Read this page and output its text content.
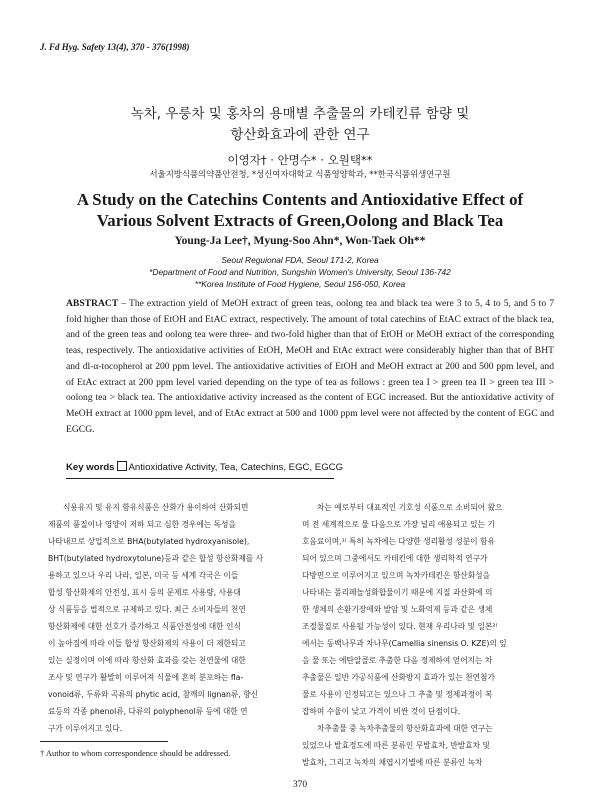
J. Fd Hyg. Safety 13(4), 370 - 376(1998)
녹차, 우룽차 및 홍차의 용매별 추출물의 카테킨류 함량 및
항산화효과에 관한 연구
이영자† · 안명수* · 오원택**
서울지방식품의약품안전청, *성신여자대학교 식품영양학과, **한국식품위생연구원
A Study on the Catechins Contents and Antioxidative Effect of
Various Solvent Extracts of Green,Oolong and Black Tea
Young-Ja Lee†, Myung-Soo Ahn*, Won-Taek Oh**
Seoul Reguional FDA, Seoul 171-2, Korea
*Department of Food and Nutrition, Sungshin Women's University, Seoul 136-742
**Korea Institute of Food Hygiene, Seoul 156-050, Korea
ABSTRACT – The extraction yield of MeOH extract of green teas, oolong tea and black tea were 3 to 5, 4 to 5, and 5 to 7 fold higher than those of EtOH and EtAC extract, respectively. The amount of total catechins of EtAC extract of the black tea, and of the green teas and oolong tea were three- and two-fold higher than that of EtOH or MeOH extract of the corresponding teas, respectively. The antioxidative activities of EtOH, MeOH and EtAc extract were considerably higher than that of BHT and dl-α-tocopherol at 200 ppm level. The antioxidative activities of EtOH and MeOH extract at 200 and 500 ppm level, and of EtAc extract at 200 ppm level varied depending on the type of tea as follows : green tea I > green tea II > green tea III > oolong tea > black tea. The antioxidative activity increased as the content of EGC increased. But the antioxidative activity of MeOH extract at 1000 ppm level, and of EtAc extract at 500 and 1000 ppm level were not affected by the content of EGC and EGCG.
Key words Antioxidative Activity, Tea, Catechins, EGC, EGCG

식용유지 및 유지 함유식품은 산화가 용이하여 산화되면

제품의 품질이나 영양이 저하 되고 심한 경우에는 독성을

나타내므로 상업적으로 BHA(butylated hydroxyanisole),

BHT(butylated hydroxytolune)등과 같은 합성 항산화제를 사

용하고 있으나 우리 나라, 일본, 미국 등 세계 각국은 이들

합성 항산화제의 안전성, 표시 등의 문제로 사용량, 사용대

상 식품등을 법적으로 규제하고 있다. 최근 소비자들의 천연

항산화제에 대한 선호가 증가하고 식품안전성에 대한 인식

이 높아짐에 따라 이들 합성 항산화제의 사용이 더 제한되고

있는 실정이며 이에 따라 항산화 효과를 갖는 천연물에 대한

조사 및 연구가 활발히 이루어져 식물에 흔히 분포하는 fla-

vonoid류, 두류와 곡류의 phytic acid, 참깨의 lignan류, 향신

료등의 각종 phenol류, 다류의 polyphenol류 등에 대한 연

구가 이루어지고 있다.

차는 예로부터 대표적인 기호성 식품으로 소비되어 왔으

며 전 세계적으로 물 다음으로 가장 널리 애용되고 있는 기

호음료이며,¹⁾ 특히 녹차에는 다양한 생리활성 성분이 함유

되어 있으며 그중에서도 카테킨에 대한 생리학적 연구가

다방면으로 이루어지고 있으며 녹차카테킨은 항산화성을

나타내는 폴리페놀성화합물이기 때문에 지질 과산화에 의

한 생체의 손환기장애와 발암 및 노화억제 등과 같은 생체

조절물질로 사용될 가능성이 있다. 현재 우리나라 및 일본²⁾

에서는 동백나무과 차나무(Camellia sinensis O. KZE)의 잎

을 물 또는 에탄알콜로 추출한 다음 정제하여 얻어지는 차

추출물은 일반 가공식품에 산화방지 효과가 있는 천연첨가

물로 사용이 인정되고는 있으나 그 추출 및 정제과정이 복

잡하며 수율이 낮고 가격이 비싼 것이 단점이다.

차추출물 중 녹차추출물의 항산화효과에 대한 연구는

있었으나 발효정도에 따른 분류인 무발효차, 반발효차 및

발효차, 그리고 녹차의 채엽시기별에 따른 분류인 녹차

† Author to whom correspondence should be addressed.
370
